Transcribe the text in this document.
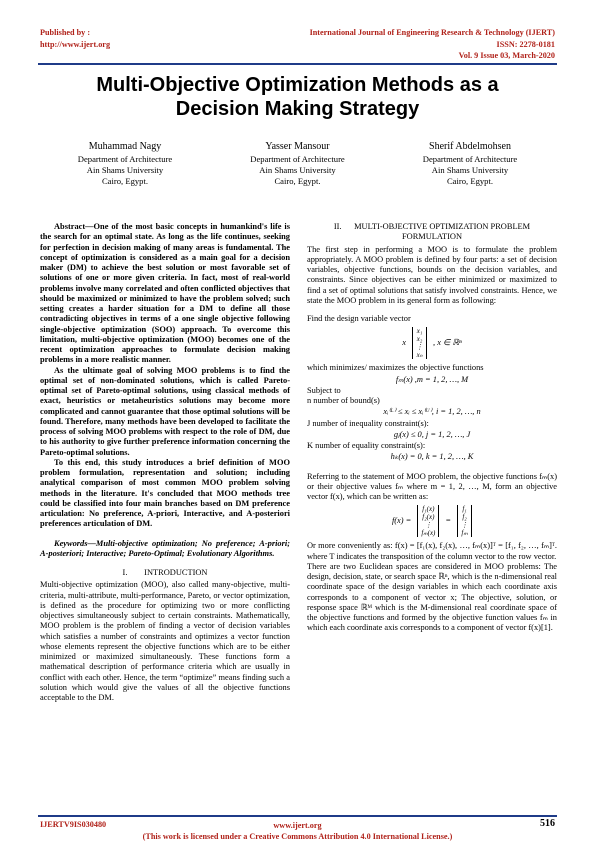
Published by :
http://www.ijert.org
International Journal of Engineering Research & Technology (IJERT)
ISSN: 2278-0181
Vol. 9 Issue 03, March-2020
Multi-Objective Optimization Methods as a
Decision Making Strategy
Muhammad Nagy
Department of Architecture
Ain Shams University
Cairo, Egypt.
Yasser Mansour
Department of Architecture
Ain Shams University
Cairo, Egypt.
Sherif Abdelmohsen
Department of Architecture
Ain Shams University
Cairo, Egypt.

Abstract—One of the most basic concepts in humankind's life is the search for an optimal state. As long as the life continues, seeking for perfection in decision making of many areas is fundamental. The concept of optimization is considered as a main goal for a decision maker (DM) to achieve the best solution or most favorable set of solutions of one or more given criteria. In fact, most of real-world problems involve many correlated and often conflicted objectives that should be maximized or minimized to have the problem solved; such setting creates a harder situation for a DM to define all those contradicting objectives in terms of a one single objective following single-objective optimization (SOO) approach. To overcome this limitation, multi-objective optimization (MOO) becomes one of the recent optimization approaches to formulate decision making problems in a more realistic manner.

As the ultimate goal of solving MOO problems is to find the optimal set of non-dominated solutions, which is called Pareto-optimal set of Pareto-optimal solutions, using classical methods of exact, heuristics or metaheuristics solutions may become more complicated and cannot guarantee that those optimal solutions will be found. Therefore, many methods have been developed to facilitate the process of solving MOO problems with respect to the role of DM, due to his authority to give further preference information concerning the Pareto-optimal solutions.

To this end, this study introduces a brief definition of MOO problem formulation, representation and solution; including analytical comparison of most common MOO problem solving methods in the literature. It's concluded that MOO methods tree could be classified into four main branches based on DM preference articulation: No preference, A-priori, Interactive, and A-posteriori preferences articulation of DM.

Keywords—Multi-objective optimization; No preference; A-priori; A-posteriori; Interactive; Pareto-Optimal; Evolutionary Algorithms.

I.        INTRODUCTION

Multi-objective optimization (MOO), also called many-objective, multi-criteria, multi-attribute, multi-performance, Pareto, or vector optimization, is defined as the procedure for optimizing two or more conflicting objectives simultaneously subject to certain constraints. Mathematically, MOO problem is the problem of finding a vector of decision variables which satisfies a number of constraints and optimizes a vector function whose elements represent the objective functions which are to be either minimized or maximized simultaneously. These functions form a mathematical description of performance criteria which are usually in conflict with each other. Hence, the term “optimize” means finding such a solution which would give the values of all the objective functions acceptable to the DM.

II.      MULTI-OBJECTIVE OPTIMIZATION PROBLEM
FORMULATION

The first step in performing a MOO is to formulate the problem appropriately. A MOO problem is defined by four parts: a set of decision variables, objective functions, bounds on the decision variables, and constraints. Since objectives can be either minimized or maximized to find a set of optimal solutions that satisfy involved constraints. Hence, we state the MOO problem in its general form as following:

Find the design variable vector

x
x₁
x₂
⋮
xₙ
, x ∈ ℝⁿ

which minimizes/ maximizes the objective functions

fₘ(x) ,m = 1, 2, …, M

Subject to

n number of bound(s)

xᵢ⁽ᴸ⁾ ≤ xᵢ ≤ xᵢ⁽ᵁ⁾, i = 1, 2, …, n

J number of inequality constraint(s):

gⱼ(x) ≤ 0, j = 1, 2, …, J

K number of equality constraint(s):

hₖ(x) = 0, k = 1, 2, …, K

Referring to the statement of MOO problem, the objective functions fₘ(x) or their objective values fₘ where m = 1, 2, …, M, form an objective vector f(x), which can be written as:

f(x) =
f₁(x)
f₂(x)
⋮
fₘ(x)
=
f₁
f₂
⋮
fₘ

Or more conveniently as: f(x) = [f₁(x), f₂(x), …, fₘ(x)]ᵀ = [f₁, f₂, …, fₘ]ᵀ. where T indicates the transposition of the column vector to the row vector.

There are two Euclidean spaces are considered in MOO problems: The design, decision, state, or search space ℝⁿ, which is the n-dimensional real coordinate space of the design variables in which each coordinate axis corresponds to a component of vector x; The objective, solution, or response space ℝᴹ which is the M-dimensional real coordinate space of the objective functions and formed by the objective function values fₘ in which each coordinate axis corresponds to a component of vector f(x)[1].

IJERTV9IS030480	www.ijert.org
(This work is licensed under a Creative Commons Attribution 4.0 International License.)
516
